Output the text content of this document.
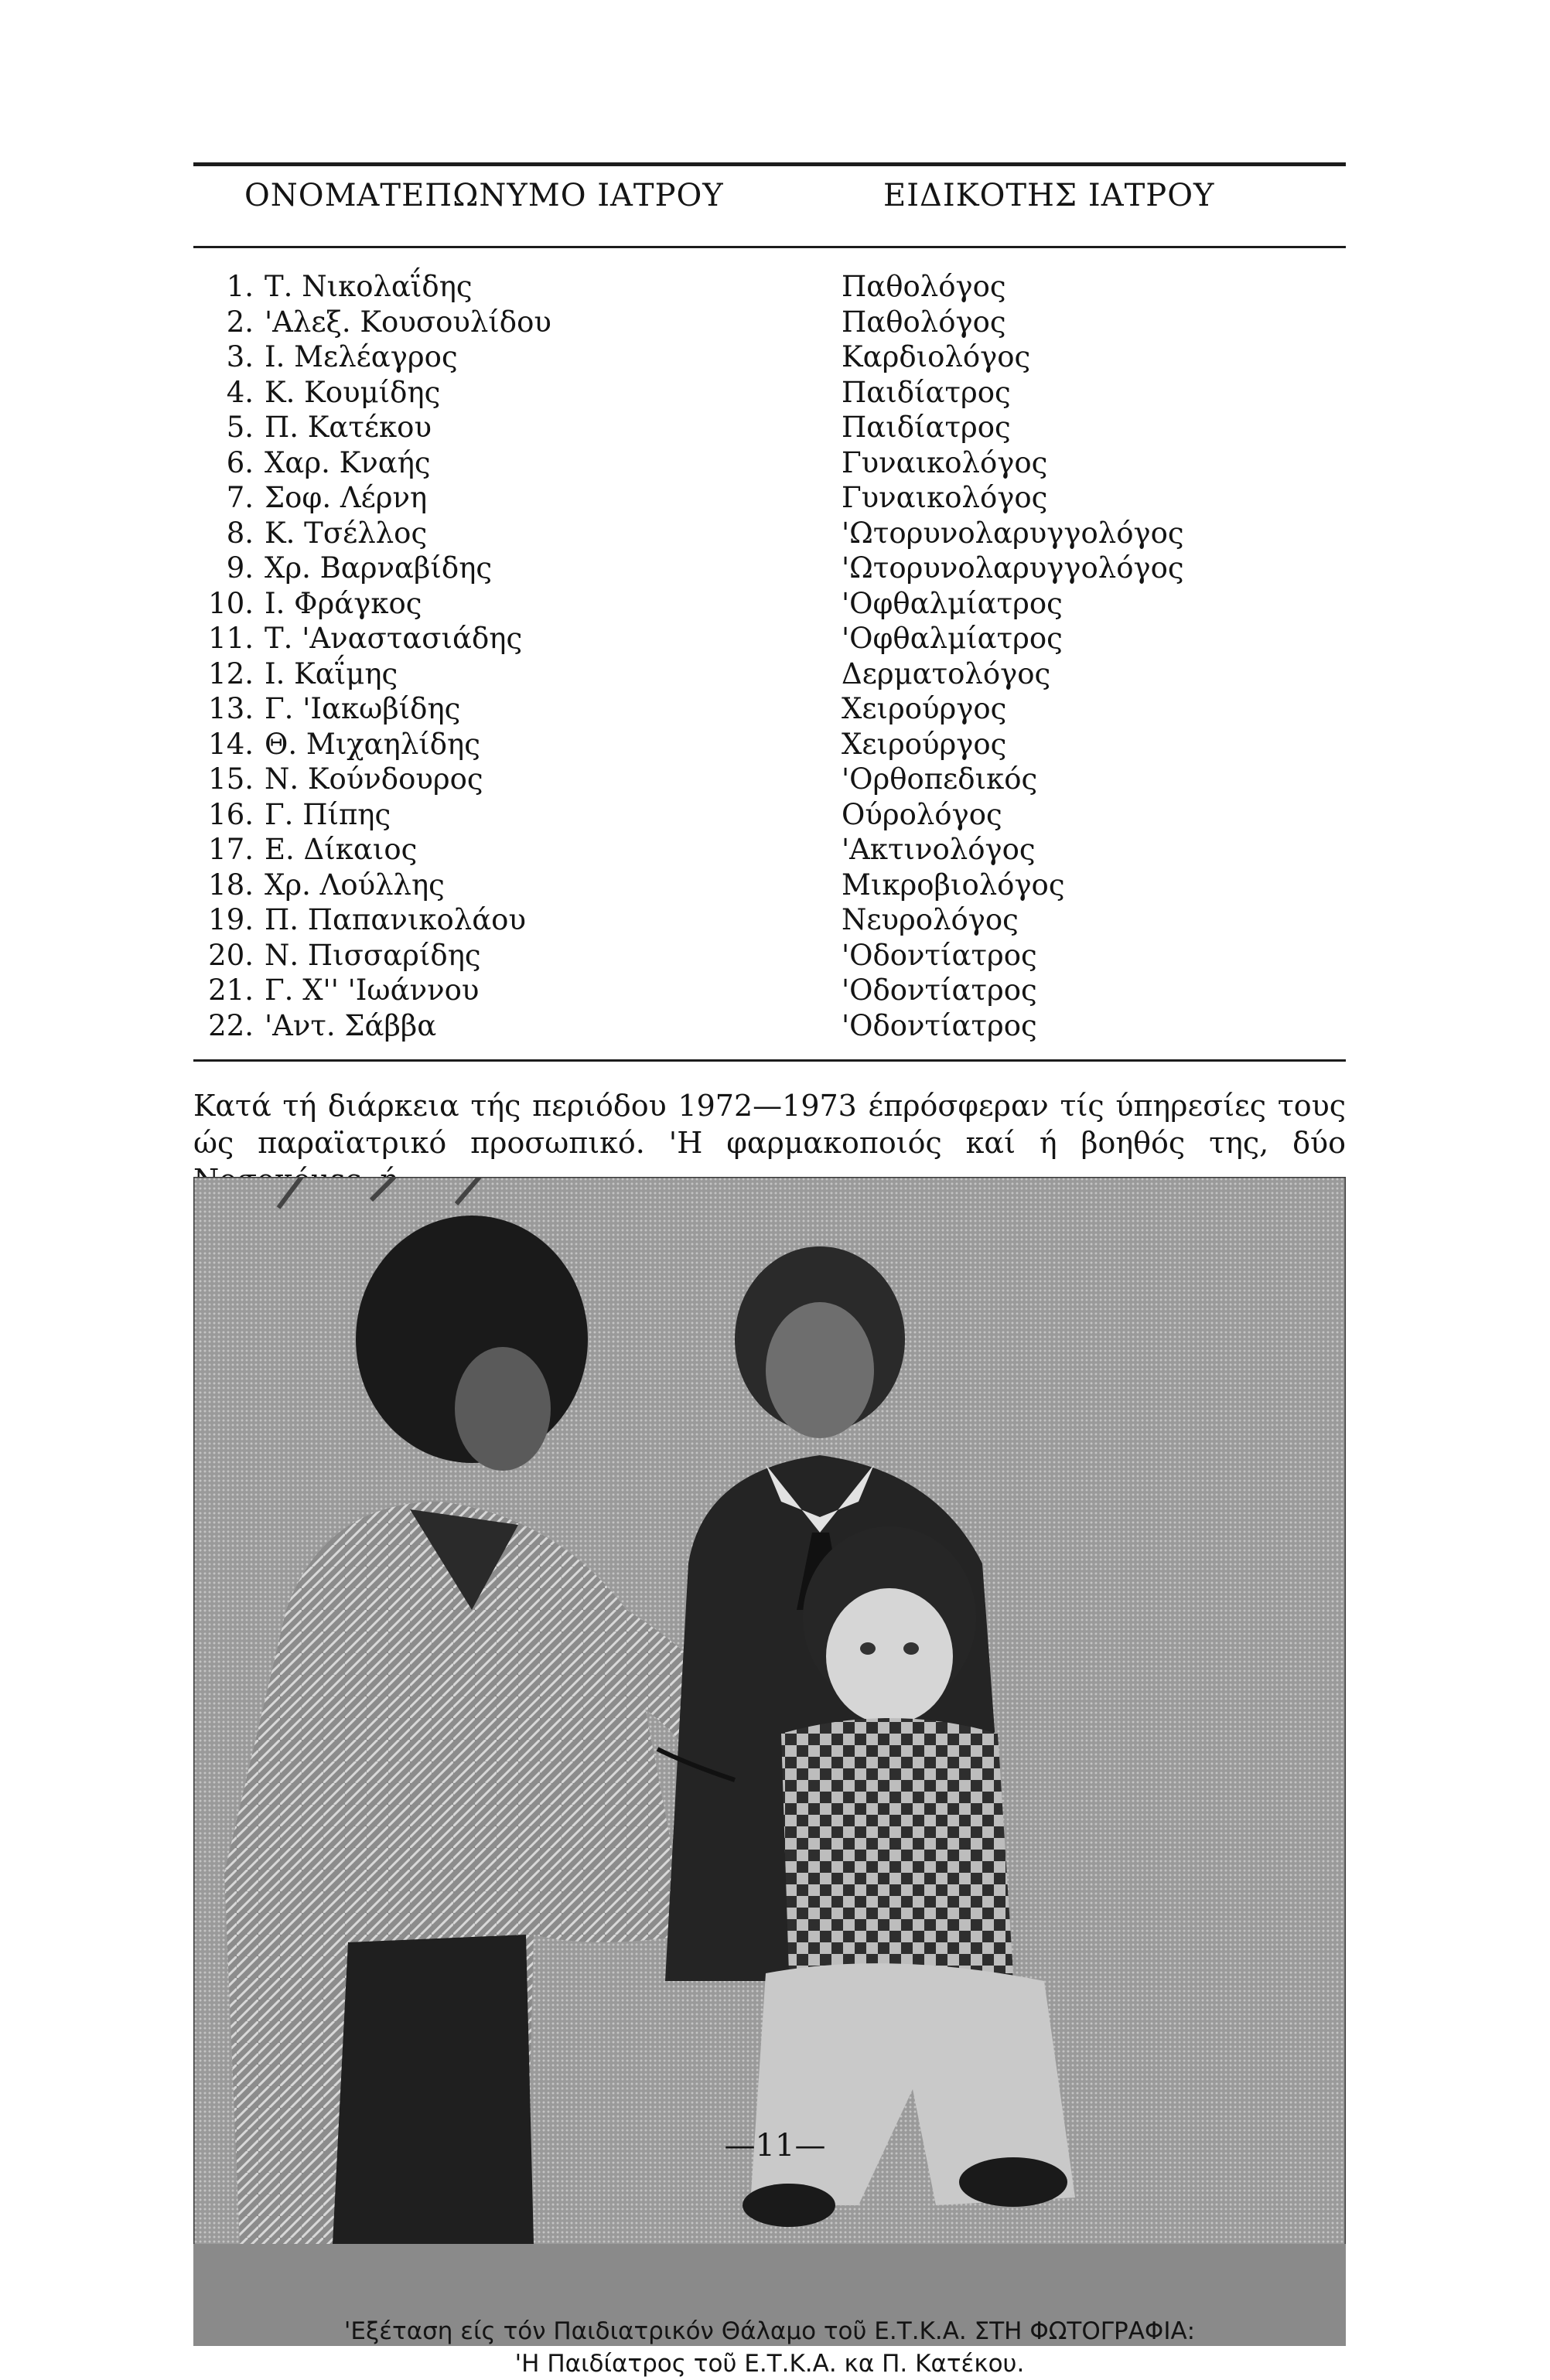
ΟΝΟΜΑΤΕΠΩΝΥΜΟ ΙΑΤΡΟΥ	ΕΙΔΙΚΟΤΗΣ ΙΑΤΡΟΥ
1. Τ. Νικολαΐδης
2. 'Αλεξ. Κουσουλίδου
3. Ι. Μελέαγρος
4. Κ. Κουμίδης
5. Π. Κατέκου
6. Χαρ. Κναής
7. Σοφ. Λέρνη
8. Κ. Τσέλλος
9. Χρ. Βαρναβίδης
10. Ι. Φράγκος
11. Τ. 'Αναστασιάδης
12. Ι. Καΐμης
13. Γ. 'Ιακωβίδης
14. Θ. Μιχαηλίδης
15. Ν. Κούνδουρος
16. Γ. Πίπης
17. Ε. Δίκαιος
18. Χρ. Λούλλης
19. Π. Παπανικολάου
20. Ν. Πισσαρίδης
21. Γ. Χ'' 'Ιωάννου
22. 'Αντ. Σάββα
Παθολόγος
Παθολόγος
Καρδιολόγος
Παιδίατρος
Παιδίατρος
Γυναικολόγος
Γυναικολόγος
'Ωτορυνολαρυγγολόγος
'Ωτορυνολαρυγγολόγος
'Οφθαλμίατρος
'Οφθαλμίατρος
Δερματολόγος
Χειρούργος
Χειρούργος
'Ορθοπεδικός
Ούρολόγος
'Ακτινολόγος
Μικροβιολόγος
Νευρολόγος
'Οδοντίατρος
'Οδοντίατρος
'Οδοντίατρος
Κατά τή διάρκεια τής περιόδου 1972—1973 έπρόσφεραν τίς ύπηρεσίες τους ώς παραϊατρικό προσωπικό. 'Η φαρμακοποιός καί ή βοηθός της, δύο
'Εξέταση είς τόν Παιδιατρικόν Θάλαμο τοῦ Ε.Τ.Κ.Α. ΣΤΗ ΦΩΤΟΓΡΑΦΙΑ:
'Η Παιδίατρος τοῦ Ε.Τ.Κ.Α. κα Π. Κατέκου.
—11—
